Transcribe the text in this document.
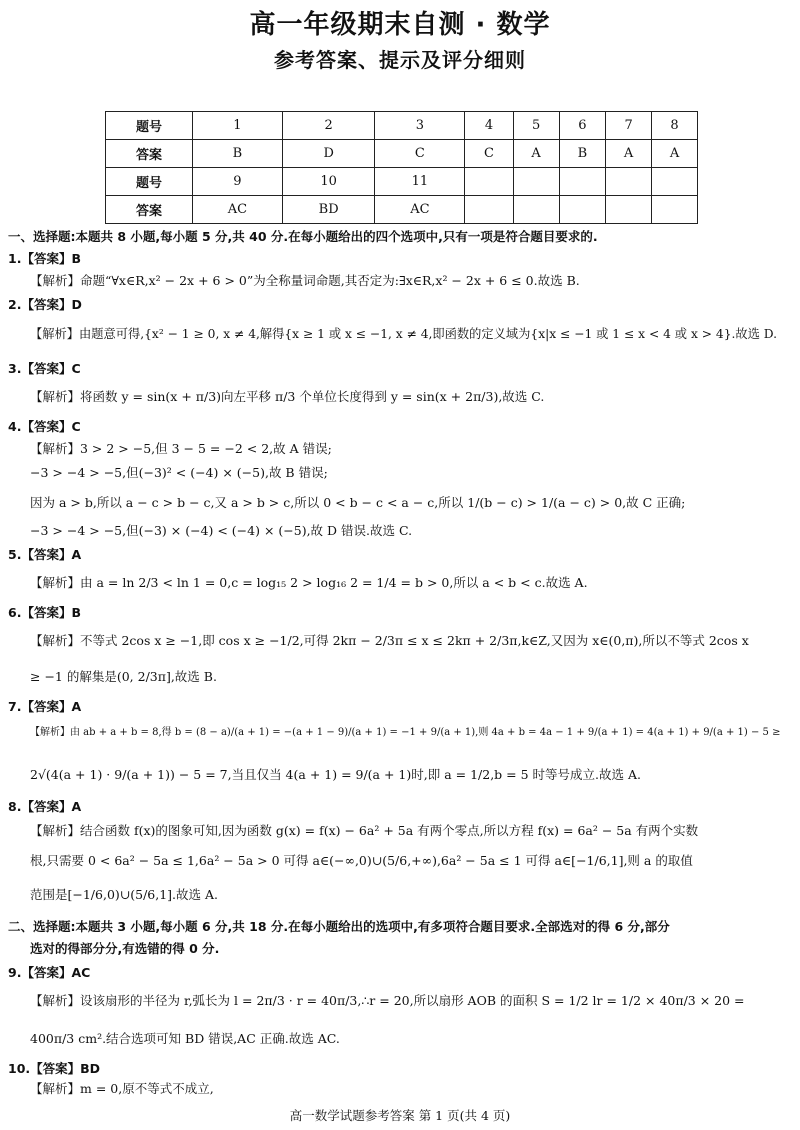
高一年级期末自测 · 数学
参考答案、提示及评分细则
题号	1	2	3	4	5	6	7	8
答案	B	D	C	C	A	B	A	A
题号	9	10	11					
答案	AC	BD	AC					
一、选择题:本题共 8 小题,每小题 5 分,共 40 分.在每小题给出的四个选项中,只有一项是符合题目要求的.
1.【答案】B
【解析】命题“∀x∈R,x² − 2x + 6 > 0”为全称量词命题,其否定为:∃x∈R,x² − 2x + 6 ≤ 0.故选 B.
2.【答案】D
【解析】由题意可得,{x² − 1 ≥ 0, x ≠ 4,解得{x ≥ 1 或 x ≤ −1, x ≠ 4,即函数的定义域为{x|x ≤ −1 或 1 ≤ x < 4 或 x > 4}.故选 D.
3.【答案】C
【解析】将函数 y = sin(x + π/3)向左平移 π/3 个单位长度得到 y = sin(x + 2π/3),故选 C.
4.【答案】C
【解析】3 > 2 > −5,但 3 − 5 = −2 < 2,故 A 错误;
−3 > −4 > −5,但(−3)² < (−4) × (−5),故 B 错误;
因为 a > b,所以 a − c > b − c,又 a > b > c,所以 0 < b − c < a − c,所以 1/(b − c) > 1/(a − c) > 0,故 C 正确;
−3 > −4 > −5,但(−3) × (−4) < (−4) × (−5),故 D 错误.故选 C.
5.【答案】A
【解析】由 a = ln 2/3 < ln 1 = 0,c = log₁₅ 2 > log₁₆ 2 = 1/4 = b > 0,所以 a < b < c.故选 A.
6.【答案】B
【解析】不等式 2cos x ≥ −1,即 cos x ≥ −1/2,可得 2kπ − 2/3π ≤ x ≤ 2kπ + 2/3π,k∈Z,又因为 x∈(0,π),所以不等式 2cos x
≥ −1 的解集是(0, 2/3π],故选 B.
7.【答案】A
【解析】由 ab + a + b = 8,得 b = (8 − a)/(a + 1) = −(a + 1 − 9)/(a + 1) = −1 + 9/(a + 1),则 4a + b = 4a − 1 + 9/(a + 1) = 4(a + 1) + 9/(a + 1) − 5 ≥
2√(4(a + 1) · 9/(a + 1)) − 5 = 7,当且仅当 4(a + 1) = 9/(a + 1)时,即 a = 1/2,b = 5 时等号成立.故选 A.
8.【答案】A
【解析】结合函数 f(x)的图象可知,因为函数 g(x) = f(x) − 6a² + 5a 有两个零点,所以方程 f(x) = 6a² − 5a 有两个实数
根,只需要 0 < 6a² − 5a ≤ 1,6a² − 5a > 0 可得 a∈(−∞,0)∪(5/6,+∞),6a² − 5a ≤ 1 可得 a∈[−1/6,1],则 a 的取值
范围是[−1/6,0)∪(5/6,1].故选 A.
二、选择题:本题共 3 小题,每小题 6 分,共 18 分.在每小题给出的选项中,有多项符合题目要求.全部选对的得 6 分,部分
选对的得部分分,有选错的得 0 分.
9.【答案】AC
【解析】设该扇形的半径为 r,弧长为 l = 2π/3 · r = 40π/3,∴r = 20,所以扇形 AOB 的面积 S = 1/2 lr = 1/2 × 40π/3 × 20 =
400π/3 cm².结合选项可知 BD 错误,AC 正确.故选 AC.
10.【答案】BD
【解析】m = 0,原不等式不成立,
高一数学试题参考答案 第 1 页(共 4 页)
